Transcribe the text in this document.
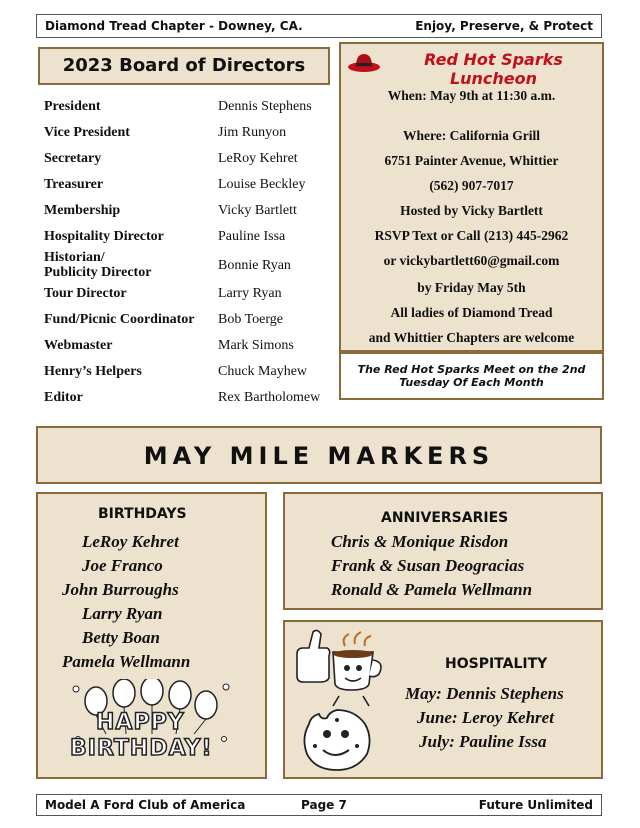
Diamond Tread Chapter - Downey, CA.	Enjoy, Preserve, & Protect
2023 Board of Directors
President	Dennis Stephens
Vice President	Jim Runyon
Secretary	LeRoy Kehret
Treasurer	Louise Beckley
Membership	Vicky Bartlett
Hospitality Director	Pauline Issa
Historian/
Publicity Director	Bonnie Ryan
Tour Director	Larry Ryan
Fund/Picnic Coordinator Bob Toerge
Webmaster	Mark Simons
Henry’s Helpers	Chuck Mayhew
Editor	Rex Bartholomew
Red Hot Sparks Luncheon

When: May 9th at 11:30 a.m.

Where: California Grill

6751 Painter Avenue, Whittier

(562) 907-7017

Hosted by Vicky Bartlett

RSVP Text or Call (213) 445-2962

or vickybartlett60@gmail.com

by Friday May 5th

All ladies of Diamond Tread

and Whittier Chapters are welcome

The Red Hot Sparks Meet on the 2nd
Tuesday Of Each Month
MAY MILE MARKERS
BIRTHDAYS
LeRoy Kehret
Joe Franco
John Burroughs
Larry Ryan
Betty Boan
Pamela Wellmann
HAPPY
BIRTHDAY!
ANNIVERSARIES
Chris & Monique Risdon
Frank & Susan Deogracias
Ronald & Pamela Wellmann
HOSPITALITY
May: Dennis Stephens
June: Leroy Kehret
July: Pauline Issa
Model A Ford Club of America	Page 7	Future Unlimited
